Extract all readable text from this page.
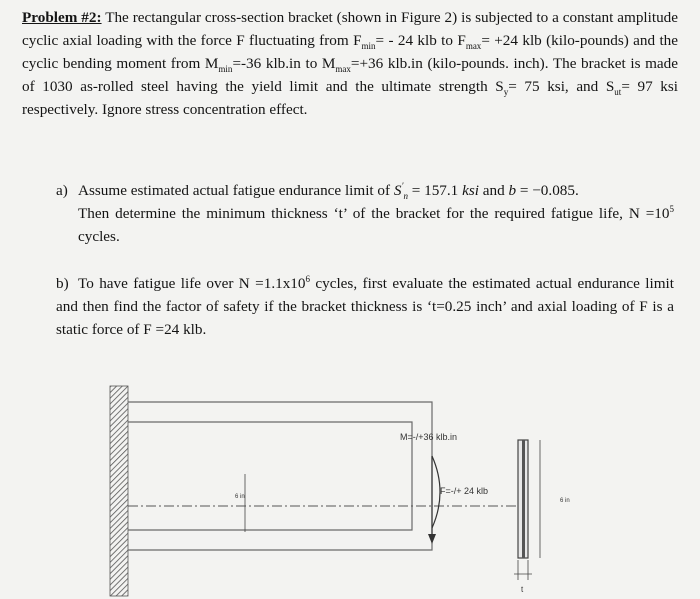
Problem #2: The rectangular cross-section bracket (shown in Figure 2) is subjected to a constant amplitude cyclic axial loading with the force F fluctuating from $F_{min}= - 24$ klb to $F_{max}= +24$ klb (kilo-pounds) and the cyclic bending moment from $M_{min}=-36$ klb.in to $M_{max}=+36$ klb.in (kilo-pounds. inch). The bracket is made of 1030 as-rolled steel having the yield limit and the ultimate strength $S_y= 75$ ksi, and $S_{ut}= 97$ ksi respectively. Ignore stress concentration effect.
a) Assume estimated actual fatigue endurance limit of $S'_n = 157.1$ ksi and b = −0.085.
Then determine the minimum thickness ‘t’ of the bracket for the required fatigue life, $N =10^5$ cycles.
b) To have fatigue life over $N =1.1x10^6$ cycles, first evaluate the estimated actual endurance limit and then find the factor of safety if the bracket thickness is ‘t=0.25 inch’ and axial loading of F is a static force of F =24 klb.
6 in
M=-/+36 klb.in
F=-/+ 24 klb
6 in
t
